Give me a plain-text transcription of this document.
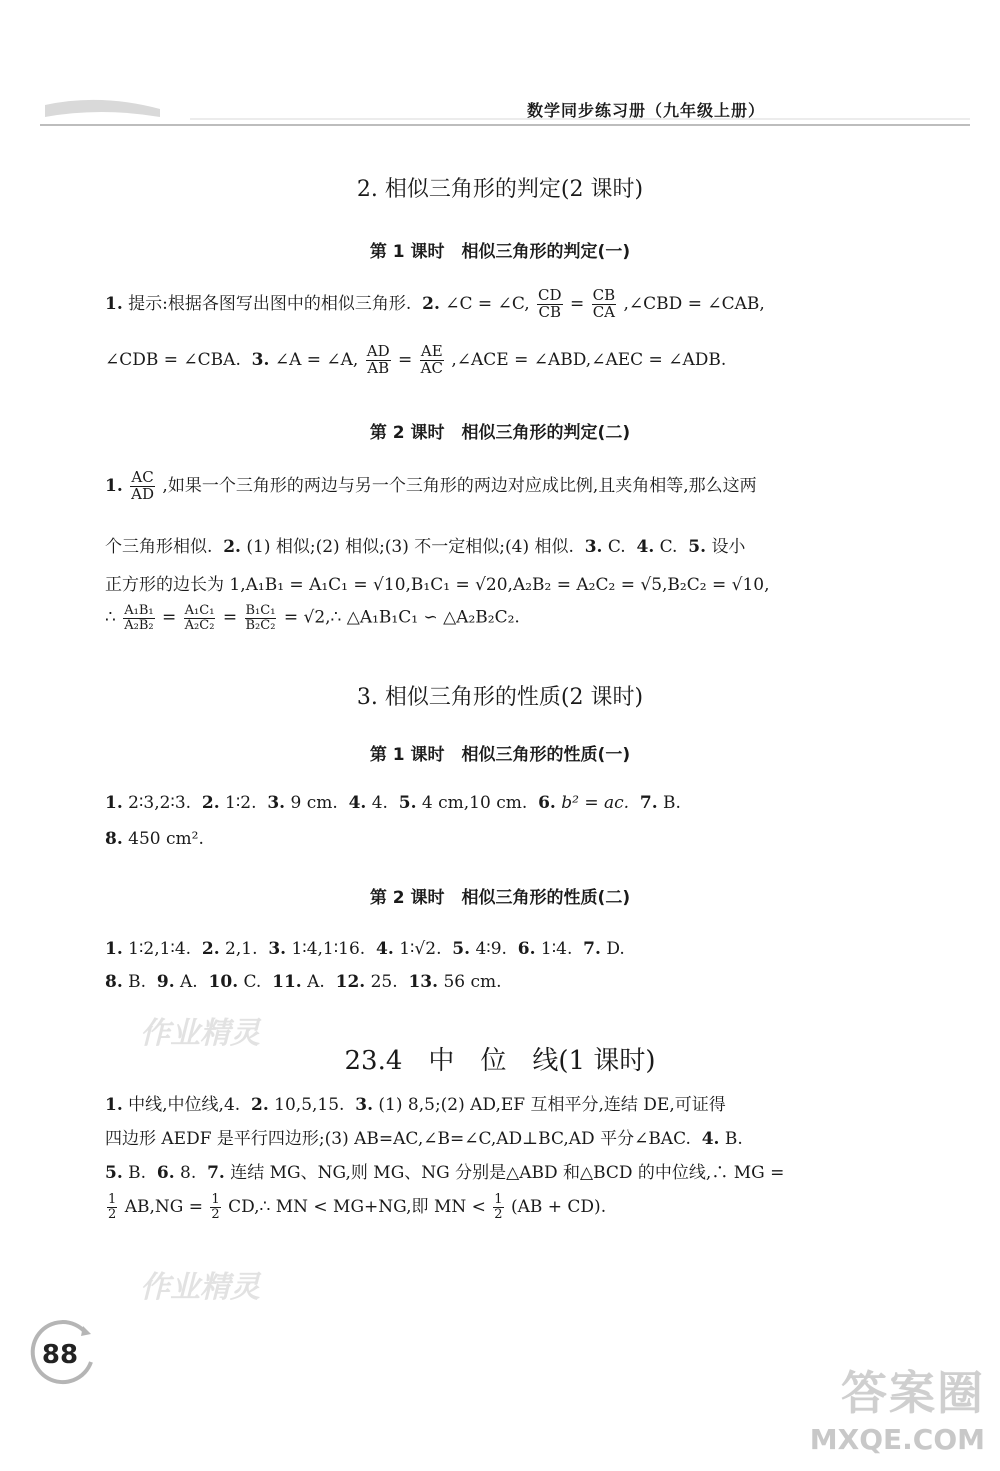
数学同步练习册（九年级上册）
2. 相似三角形的判定(2 课时)
第 1 课时　相似三角形的判定(一)
1. 提示:根据各图写出图中的相似三角形. 2. ∠C = ∠C, $\frac{CD}{CB} = \frac{CB}{CA}$ ,∠CBD = ∠CAB,
∠CDB = ∠CBA. 3. ∠A = ∠A, $\frac{AD}{AB} = \frac{AE}{AC}$ ,∠ACE = ∠ABD,∠AEC = ∠ADB.
第 2 课时　相似三角形的判定(二)
1. $\frac{AC}{AD}$ ,如果一个三角形的两边与另一个三角形的两边对应成比例,且夹角相等,那么这两
个三角形相似. 2. (1) 相似;(2) 相似;(3) 不一定相似;(4) 相似. 3. C. 4. C. 5. 设小
正方形的边长为 1,A₁B₁ = A₁C₁ = √10,B₁C₁ = √20,A₂B₂ = A₂C₂ = √5,B₂C₂ = √10,
∴ $\frac{\text{A₁B₁}}{\text{A₂B₂}} = \frac{\text{A₁C₁}}{\text{A₂C₂}} = \frac{\text{B₁C₁}}{\text{B₂C₂}}$ = √2,∴ △A₁B₁C₁ ∽ △A₂B₂C₂.
3. 相似三角形的性质(2 课时)
第 1 课时　相似三角形的性质(一)
1. 2∶3,2∶3. 2. 1∶2. 3. 9 cm. 4. 4. 5. 4 cm,10 cm. 6. b² = ac. 7. B.
8. 450 cm².
第 2 课时　相似三角形的性质(二)
1. 1∶2,1∶4. 2. 2,1. 3. 1∶4,1∶16. 4. 1∶√2. 5. 4∶9. 6. 1∶4. 7. D.
8. B. 9. A. 10. C. 11. A. 12. 25. 13. 56 cm.
作业精灵
23.4　中　位　线(1 课时)
1. 中线,中位线,4. 2. 10,5,15. 3. (1) 8,5;(2) AD,EF 互相平分,连结 DE,可证得
四边形 AEDF 是平行四边形;(3) AB=AC,∠B=∠C,AD⊥BC,AD 平分∠BAC. 4. B.
5. B. 6. 8. 7. 连结 MG、NG,则 MG、NG 分别是△ABD 和△BCD 的中位线,∴ MG =
$\frac{1}{2} AB,NG = \frac{1}{2}$ CD,∴ MN < MG+NG,即 MN < $\frac{1}{2} (AB + CD)$.
作业精灵
88
答案圈
MXQE.COM
